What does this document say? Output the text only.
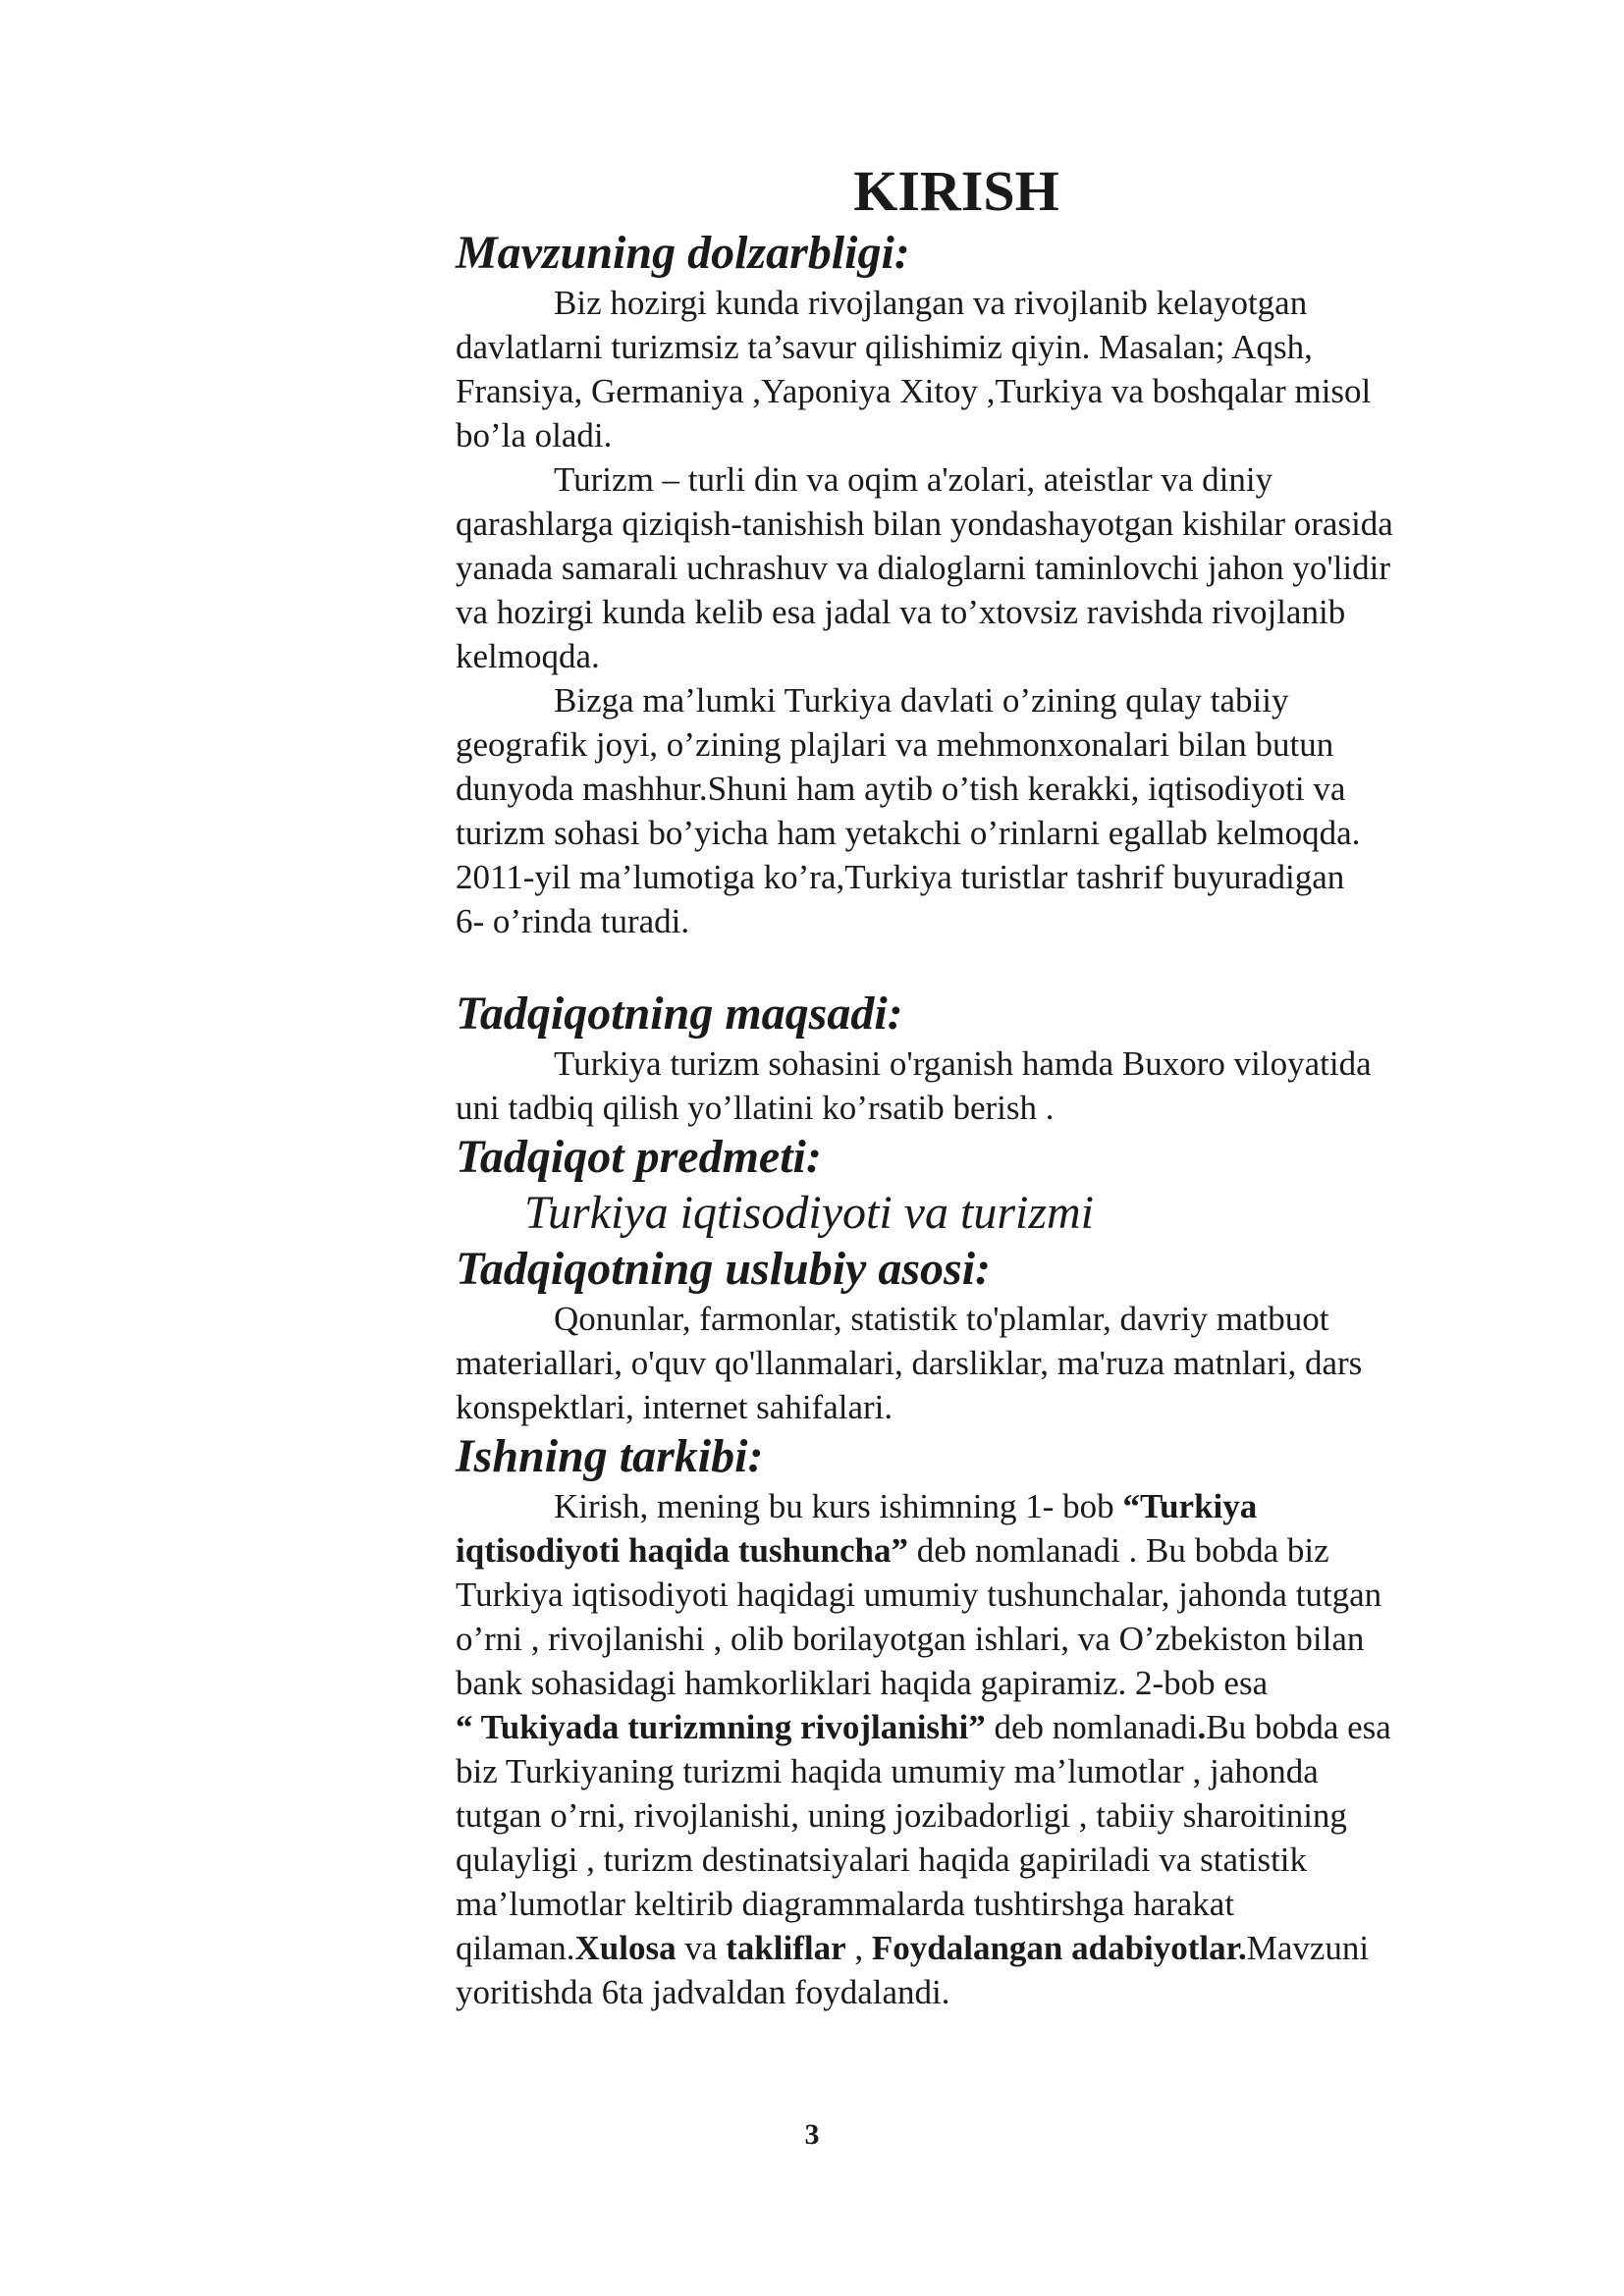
KIRISH
Mavzuning dolzarbligi:

Biz hozirgi kunda rivojlangan va rivojlanib kelayotgan
davlatlarni turizmsiz ta’savur qilishimiz qiyin. Masalan; Aqsh,
Fransiya, Germaniya ,Yaponiya Xitoy ,Turkiya va boshqalar misol
bo’la oladi.

Turizm – turli din va oqim a'zolari, ateistlar va diniy
qarashlarga qiziqish-tanishish bilan yondashayotgan kishilar orasida
yanada samarali uchrashuv va dialoglarni taminlovchi jahon yo'lidir
va hozirgi kunda kelib esa jadal va to’xtovsiz ravishda rivojlanib
kelmoqda.

Bizga ma’lumki Turkiya davlati o’zining qulay tabiiy
geografik joyi, o’zining plajlari va mehmonxonalari bilan butun
dunyoda mashhur.Shuni ham aytib o’tish kerakki, iqtisodiyoti va
turizm sohasi bo’yicha ham yetakchi o’rinlarni egallab kelmoqda.
2011-yil ma’lumotiga ko’ra,Turkiya turistlar tashrif buyuradigan
6- o’rinda turadi.

Tadqiqotning maqsadi:

Turkiya turizm sohasini o'rganish hamda Buxoro viloyatida
uni tadbiq qilish yo’llatini ko’rsatib berish .

Tadqiqot predmeti:

Turkiya iqtisodiyoti va turizmi

Tadqiqotning uslubiy asosi:

Qonunlar, farmonlar, statistik to'plamlar, davriy matbuot
materiallari, o'quv qo'llanmalari, darsliklar, ma'ruza matnlari, dars
konspektlari, internet sahifalari.

Ishning tarkibi:

Kirish, mening bu kurs ishimning 1- bob “Turkiya
iqtisodiyoti haqida tushuncha” deb nomlanadi . Bu bobda biz
Turkiya iqtisodiyoti haqidagi umumiy tushunchalar, jahonda tutgan
o’rni , rivojlanishi , olib borilayotgan ishlari, va O’zbekiston bilan
bank sohasidagi hamkorliklari haqida gapiramiz. 2-bob esa
“ Tukiyada turizmning rivojlanishi” deb nomlanadi.Bu bobda esa
biz Turkiyaning turizmi haqida umumiy ma’lumotlar , jahonda
tutgan o’rni, rivojlanishi, uning jozibadorligi , tabiiy sharoitining
qulayligi , turizm destinatsiyalari haqida gapiriladi va statistik
ma’lumotlar keltirib diagrammalarda tushtirshga harakat
qilaman.Xulosa va takliflar , Foydalangan adabiyotlar.Mavzuni
yoritishda 6ta jadvaldan foydalandi.

3
